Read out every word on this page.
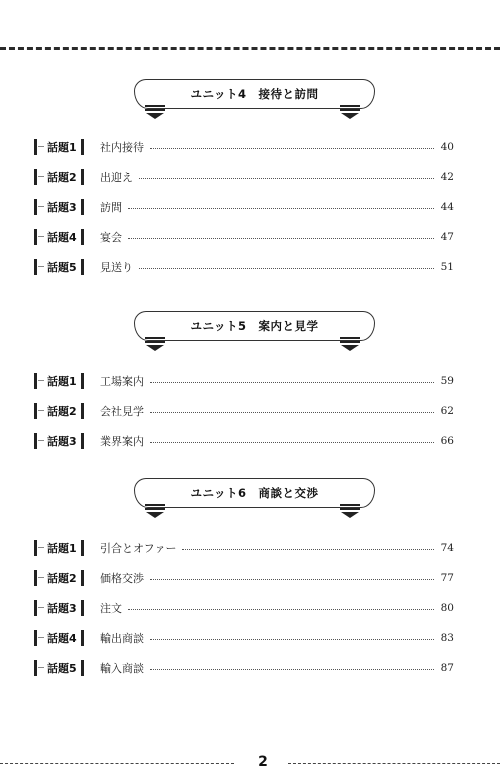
ユニット4　接待と訪問
話題1 社内接待	40
話題2 出迎え	42
話題3 訪問	44
話題4 宴会	47
話題5 見送り	51
ユニット5　案内と見学
話題1 工場案内	59
話題2 会社見学	62
話題3 業界案内	66
ユニット6　商談と交渉
話題1 引合とオファー	74
話題2 価格交渉	77
話題3 注文	80
話題4 輸出商談	83
話題5 輸入商談	87
2
